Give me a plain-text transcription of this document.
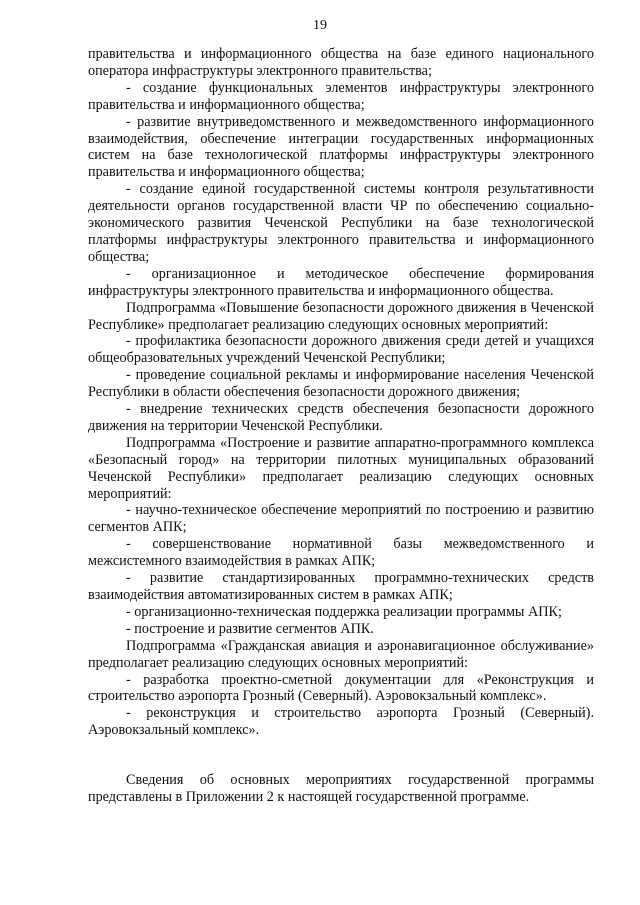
19

правительства и информационного общества на базе единого национального оператора инфраструктуры электронного правительства;

- создание функциональных элементов инфраструктуры электронного правительства и информационного общества;

- развитие внутриведомственного и межведомственного информационного взаимодействия, обеспечение интеграции государственных информационных систем на базе технологической платформы инфраструктуры электронного правительства и информационного общества;

- создание единой государственной системы контроля результативности деятельности органов государственной власти ЧР по обеспечению социально-экономического развития Чеченской Республики на базе технологической платформы инфраструктуры электронного правительства и информационного общества;

- организационное и методическое обеспечение формирования инфраструктуры электронного правительства и информационного общества.

Подпрограмма «Повышение безопасности дорожного движения в Чеченской Республике» предполагает реализацию следующих основных мероприятий:

- профилактика безопасности дорожного движения среди детей и учащихся общеобразовательных учреждений Чеченской Республики;

- проведение социальной рекламы и информирование населения Чеченской Республики в области обеспечения безопасности дорожного движения;

- внедрение технических средств обеспечения безопасности дорожного движения на территории Чеченской Республики.

Подпрограмма «Построение и развитие аппаратно-программного комплекса «Безопасный город» на территории пилотных муниципальных образований Чеченской Республики» предполагает реализацию следующих основных мероприятий:

- научно-техническое обеспечение мероприятий по построению и развитию сегментов АПК;

- совершенствование нормативной базы межведомственного и межсистемного взаимодействия в рамках АПК;

- развитие стандартизированных программно-технических средств взаимодействия автоматизированных систем в рамках АПК;

- организационно-техническая поддержка реализации программы АПК;

- построение и развитие сегментов АПК.

Подпрограмма «Гражданская авиация и аэронавигационное обслуживание» предполагает реализацию следующих основных мероприятий:

- разработка проектно-сметной документации для «Реконструкция и строительство аэропорта Грозный (Северный). Аэровокзальный комплекс».

- реконструкция и строительство аэропорта Грозный (Северный). Аэровокзальный комплекс».

Сведения об основных мероприятиях государственной программы представлены в Приложении 2 к настоящей государственной программе.
